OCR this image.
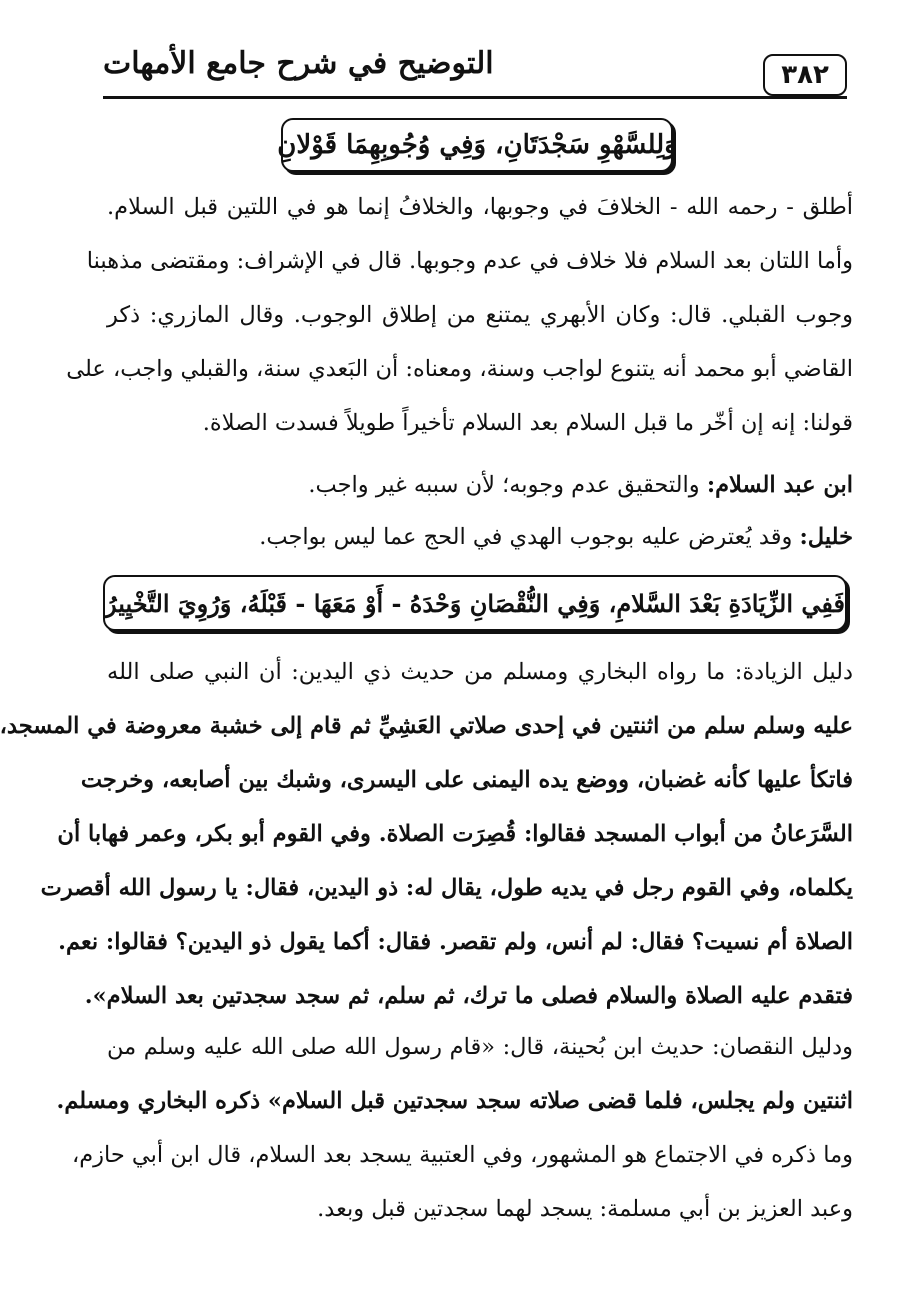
التوضيح في شرح جامع الأمهات	٣٨٢
وَلِلسَّهْوِ سَجْدَتَانِ، وَفِي وُجُوبِهِمَا قَوْلانِ
أطلق - رحمه الله - الخلافَ في وجوبها، والخلافُ إنما هو في اللتين قبل السلام.
وأما اللتان بعد السلام فلا خلاف في عدم وجوبها. قال في الإشراف: ومقتضى مذهبنا
وجوب القبلي. قال: وكان الأبهري يمتنع من إطلاق الوجوب. وقال المازري: ذكر
القاضي أبو محمد أنه يتنوع لواجب وسنة، ومعناه: أن البَعدي سنة، والقبلي واجب، على
قولنا: إنه إن أخّر ما قبل السلام بعد السلام تأخيراً طويلاً فسدت الصلاة.
ابن عبد السلام: والتحقيق عدم وجوبه؛ لأن سببه غير واجب.
خليل: وقد يُعترض عليه بوجوب الهدي في الحج عما ليس بواجب.
فَفِي الزِّيَادَةِ بَعْدَ السَّلامِ، وَفِي النُّقْصَانِ وَحْدَهُ - أَوْ مَعَهَا - قَبْلَهُ، وَرُوِيَ التَّخْيِيرُ
دليل الزيادة: ما رواه البخاري ومسلم من حديث ذي اليدين: أن النبي صلى الله
عليه وسلم سلم من اثنتين في إحدى صلاتي العَشِيِّ ثم قام إلى خشبة معروضة في المسجد،
فاتكأ عليها كأنه غضبان، ووضع يده اليمنى على اليسرى، وشبك بين أصابعه، وخرجت
السَّرَعانُ من أبواب المسجد فقالوا: قُصِرَت الصلاة. وفي القوم أبو بكر، وعمر فهابا أن
يكلماه، وفي القوم رجل في يديه طول، يقال له: ذو اليدين، فقال: يا رسول الله أقصرت
الصلاة أم نسيت؟ فقال: لم أنس، ولم تقصر. فقال: أكما يقول ذو اليدين؟ فقالوا: نعم.
فتقدم عليه الصلاة والسلام فصلى ما ترك، ثم سلم، ثم سجد سجدتين بعد السلام».
ودليل النقصان: حديث ابن بُحينة، قال: «قام رسول الله صلى الله عليه وسلم من
اثنتين ولم يجلس، فلما قضى صلاته سجد سجدتين قبل السلام» ذكره البخاري ومسلم.
وما ذكره في الاجتماع هو المشهور، وفي العتبية يسجد بعد السلام، قال ابن أبي حازم،
وعبد العزيز بن أبي مسلمة: يسجد لهما سجدتين قبل وبعد.
